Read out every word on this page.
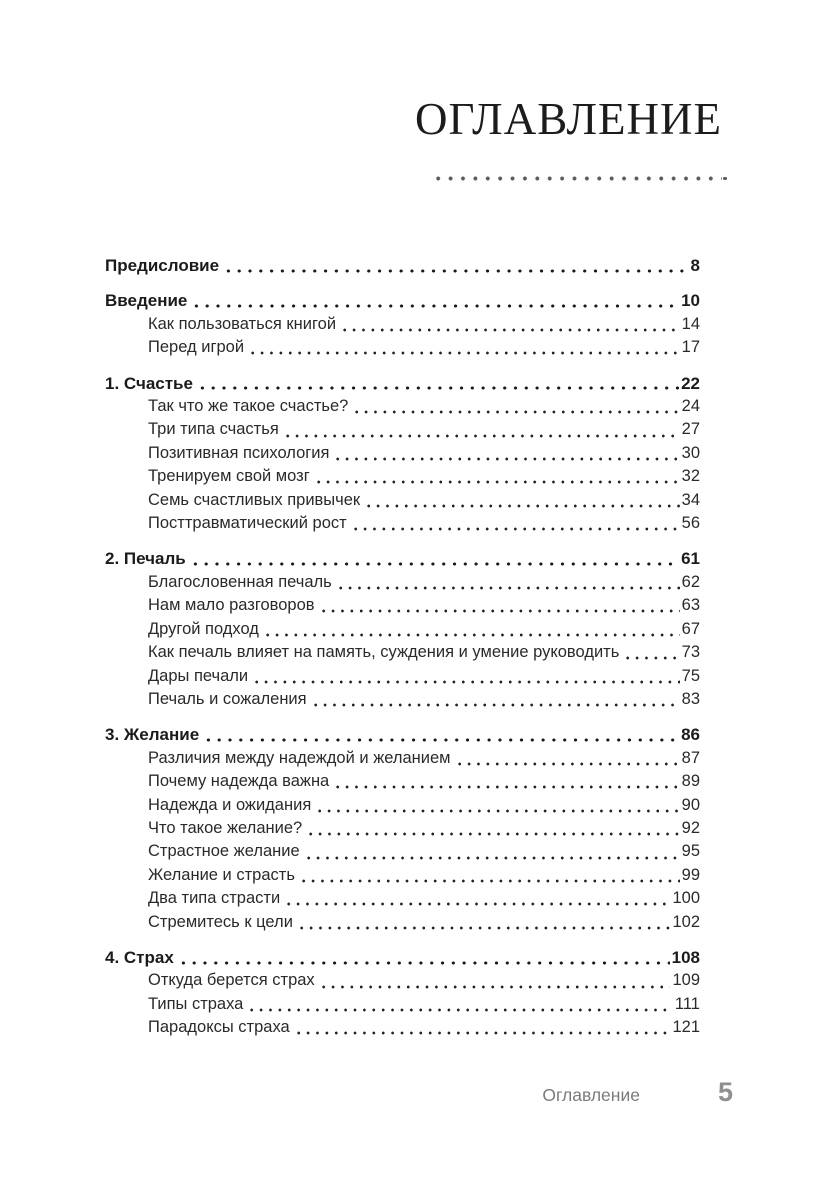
ОГЛАВЛЕНИЕ

Предисловие	8
Введение	10
Как пользоваться книгой	14
Перед игрой	17
1. Счастье	22
Так что же такое счастье?	24
Три типа счастья	27
Позитивная психология	30
Тренируем свой мозг	32
Семь счастливых привычек	34
Посттравматический рост	56
2. Печаль	61
Благословенная печаль	62
Нам мало разговоров	63
Другой подход	67
Как печаль влияет на память, суждения и умение руководить	73
Дары печали	75
Печаль и сожаления	83
3. Желание	86
Различия между надеждой и желанием	87
Почему надежда важна	89
Надежда и ожидания	90
Что такое желание?	92
Страстное желание	95
Желание и страсть	99
Два типа страсти	100
Стремитесь к цели	102
4. Страх	108
Откуда берется страх	109
Типы страха	111
Парадоксы страха	121
Оглавление	5
